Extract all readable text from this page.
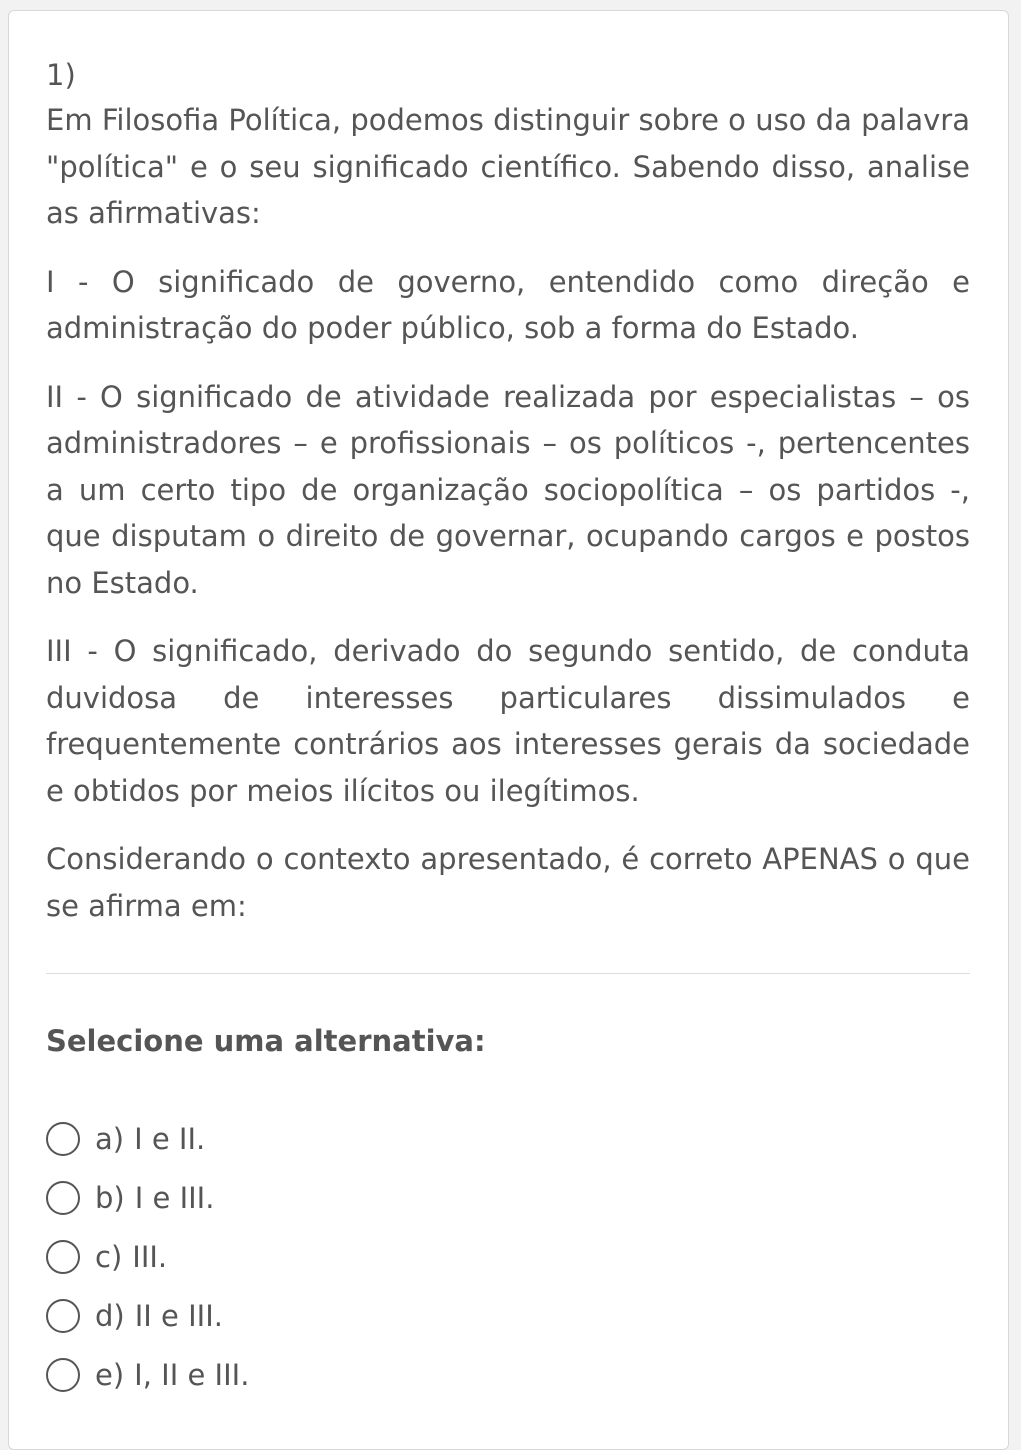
1)

Em Filosofia Política, podemos distinguir sobre o uso da palavra "política" e o seu significado científico. Sabendo disso, analise as afirmativas:

I - O significado de governo, entendido como direção e administração do poder público, sob a forma do Estado.

II - O significado de atividade realizada por especialistas – os administradores – e profissionais – os políticos -, pertencentes a um certo tipo de organização sociopolítica – os partidos -, que disputam o direito de governar, ocupando cargos e postos no Estado.

III - O significado, derivado do segundo sentido, de conduta duvidosa de interesses particulares dissimulados e frequentemente contrários aos interesses gerais da sociedade e obtidos por meios ilícitos ou ilegítimos.

Considerando o contexto apresentado, é correto APENAS o que se afirma em:

Selecione uma alternativa:
a) I e II.
b) I e III.
c) III.
d) II e III.
e) I, II e III.
